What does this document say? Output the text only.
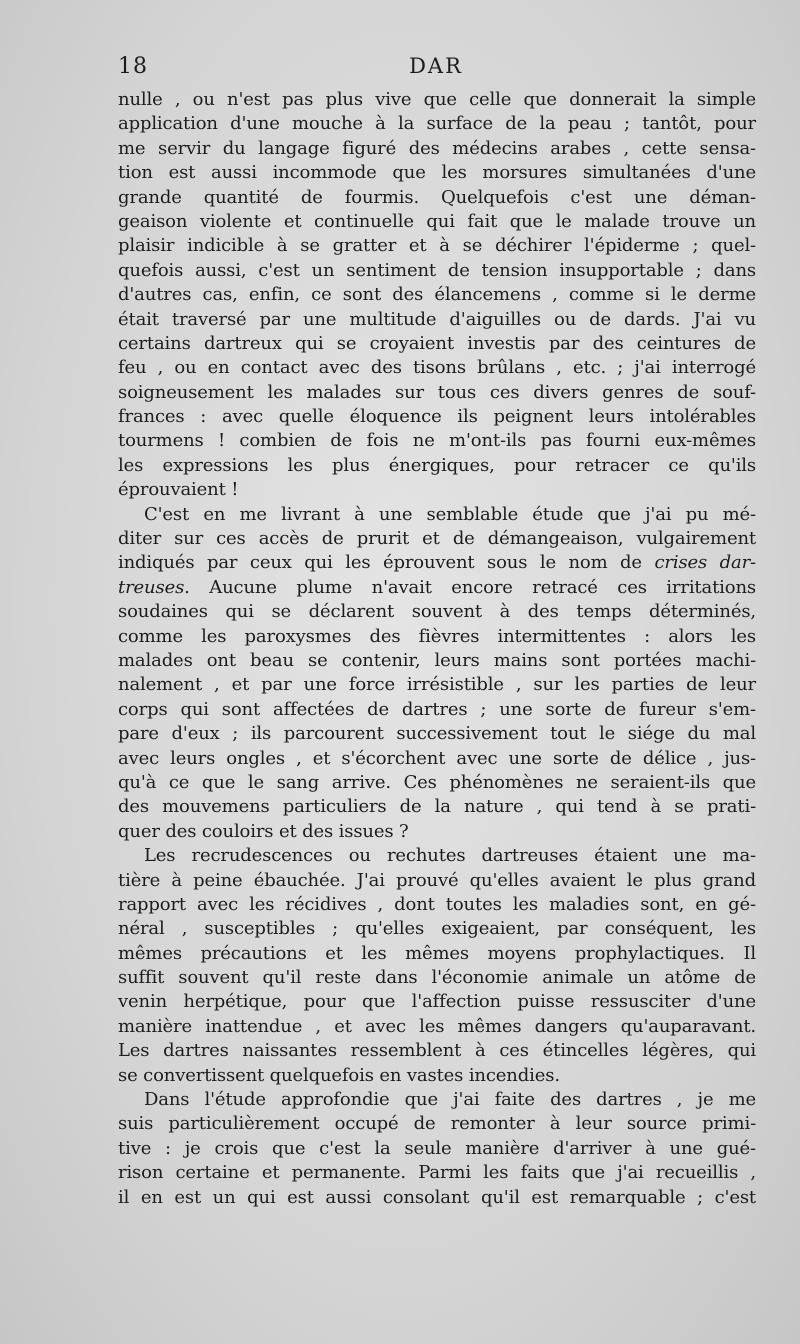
18	DAR
nulle , ou n'est pas plus vive que celle que donnerait la simple
application d'une mouche à la surface de la peau ; tantôt, pour
me servir du langage figuré des médecins arabes , cette sensa-
tion est aussi incommode que les morsures simultanées d'une
grande quantité de fourmis. Quelquefois c'est une déman-
geaison violente et continuelle qui fait que le malade trouve un
plaisir indicible à se gratter et à se déchirer l'épiderme ; quel-
quefois aussi, c'est un sentiment de tension insupportable ; dans
d'autres cas, enfin, ce sont des élancemens , comme si le derme
était traversé par une multitude d'aiguilles ou de dards. J'ai vu
certains dartreux qui se croyaient investis par des ceintures de
feu , ou en contact avec des tisons brûlans , etc. ; j'ai interrogé
soigneusement les malades sur tous ces divers genres de souf-
frances : avec quelle éloquence ils peignent leurs intolérables
tourmens ! combien de fois ne m'ont-ils pas fourni eux-mêmes
les expressions les plus énergiques, pour retracer ce qu'ils
éprouvaient !
C'est en me livrant à une semblable étude que j'ai pu mé-
diter sur ces accès de prurit et de démangeaison, vulgairement
indiqués par ceux qui les éprouvent sous le nom de crises dar-
treuses. Aucune plume n'avait encore retracé ces irritations
soudaines qui se déclarent souvent à des temps déterminés,
comme les paroxysmes des fièvres intermittentes : alors les
malades ont beau se contenir, leurs mains sont portées machi-
nalement , et par une force irrésistible , sur les parties de leur
corps qui sont affectées de dartres ; une sorte de fureur s'em-
pare d'eux ; ils parcourent successivement tout le siége du mal
avec leurs ongles , et s'écorchent avec une sorte de délice , jus-
qu'à ce que le sang arrive. Ces phénomènes ne seraient-ils que
des mouvemens particuliers de la nature , qui tend à se prati-
quer des couloirs et des issues ?
Les recrudescences ou rechutes dartreuses étaient une ma-
tière à peine ébauchée. J'ai prouvé qu'elles avaient le plus grand
rapport avec les récidives , dont toutes les maladies sont, en gé-
néral , susceptibles ; qu'elles exigeaient, par conséquent, les
mêmes précautions et les mêmes moyens prophylactiques. Il
suffit souvent qu'il reste dans l'économie animale un atôme de
venin herpétique, pour que l'affection puisse ressusciter d'une
manière inattendue , et avec les mêmes dangers qu'auparavant.
Les dartres naissantes ressemblent à ces étincelles légères, qui
se convertissent quelquefois en vastes incendies.
Dans l'étude approfondie que j'ai faite des dartres , je me
suis particulièrement occupé de remonter à leur source primi-
tive : je crois que c'est la seule manière d'arriver à une gué-
rison certaine et permanente. Parmi les faits que j'ai recueillis ,
il en est un qui est aussi consolant qu'il est remarquable ; c'est
